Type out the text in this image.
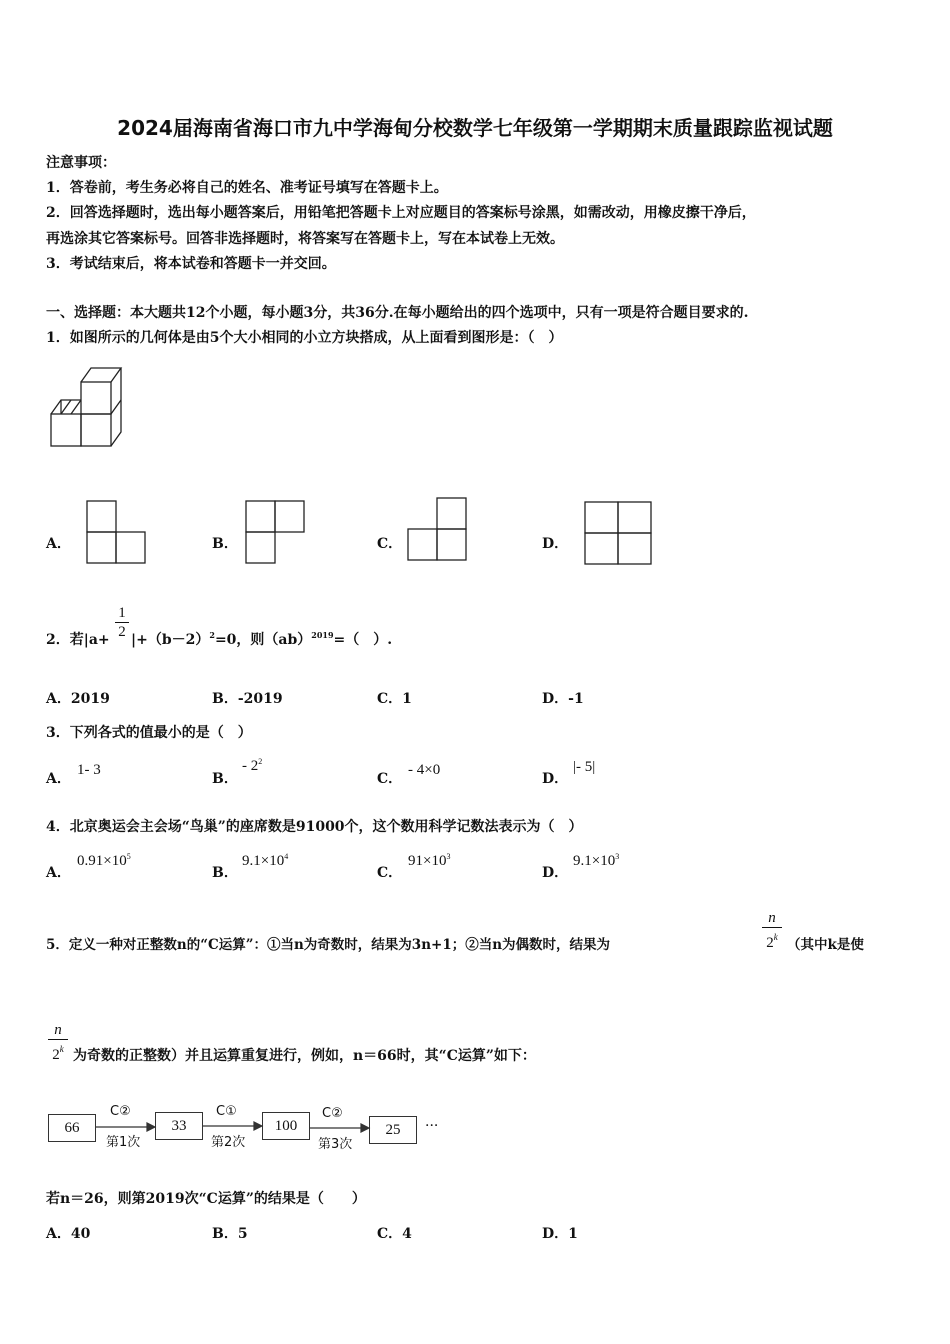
2024届海南省海口市九中学海甸分校数学七年级第一学期期末质量跟踪监视试题
注意事项：
1．答卷前，考生务必将自己的姓名、准考证号填写在答题卡上。
2．回答选择题时，选出每小题答案后，用铅笔把答题卡上对应题目的答案标号涂黑，如需改动，用橡皮擦干净后，
再选涂其它答案标号。回答非选择题时，将答案写在答题卡上，写在本试卷上无效。
3．考试结束后，将本试卷和答题卡一并交回。
一、选择题：本大题共12个小题，每小题3分，共36分.在每小题给出的四个选项中，只有一项是符合题目要求的.
1．如图所示的几何体是由5个大小相同的小立方块搭成，从上面看到图形是：（　）
A．	B．	C．	D．
2．若|a+
1
2 $|+(b-2)^2=0$，则（ab）$^{2019}$=（　）.
A．2019	B．-2019	C．1	D．-1
3．下列各式的值最小的是（　）
A．
1- 3
B．
- $2^2$
C．
- 4×0
D．
|- 5|
4．北京奥运会主会场“鸟巢”的座席数是91000个，这个数用科学记数法表示为（　）
A．
$0.91\times 10^5$
B．
$9.1\times 10^4$
C．
$91\times 10^3$
D．
$9.1\times 10^3$
5．定义一种对正整数n的“C运算”：①当n为奇数时，结果为3n+1；②当n为偶数时，结果为
n
2$^k$ （其中k是使
n
2$^k$ 为奇数的正整数）并且运算重复进行，例如，n＝66时，其“C运算”如下：
66	33	100	25
C②
第1次
C①
第2次
C②
第3次
···
若n＝26，则第2019次“C运算”的结果是（　　）
A．40	B．5	C．4	D．1
